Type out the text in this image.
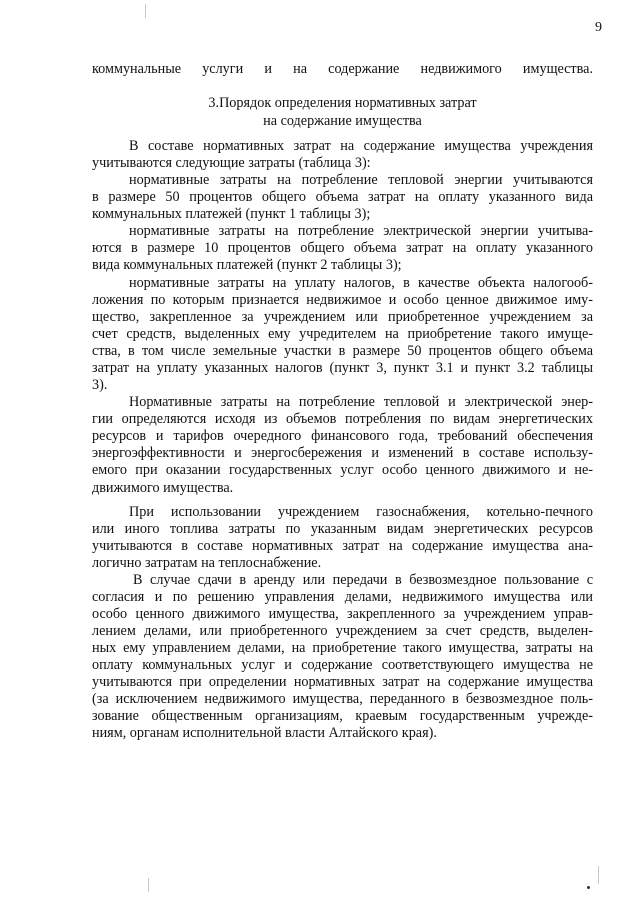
9
коммунальные услуги и на содержание недвижимого имущества.
3.Порядок определения нормативных затрат
на содержание имущества
В составе нормативных затрат на содержание имущества учреждения
учитываются следующие затраты (таблица 3):
нормативные затраты на потребление тепловой энергии учитываются
в размере 50 процентов общего объема затрат на оплату указанного вида
коммунальных платежей (пункт 1 таблицы 3);
нормативные затраты на потребление электрической энергии учитыва-
ются в размере 10 процентов общего объема затрат на оплату указанного
вида коммунальных платежей (пункт 2 таблицы 3);
нормативные затраты на уплату налогов, в качестве объекта налогооб-
ложения по которым признается недвижимое и особо ценное движимое иму-
щество, закрепленное за учреждением или приобретенное учреждением за
счет средств, выделенных ему учредителем на приобретение такого имуще-
ства, в том числе земельные участки в размере 50 процентов общего объема
затрат на уплату указанных налогов (пункт 3, пункт 3.1 и пункт 3.2 таблицы
3).
Нормативные затраты на потребление тепловой и электрической энер-
гии определяются исходя из объемов потребления по видам энергетических
ресурсов и тарифов очередного финансового года, требований обеспечения
энергоэффективности и энергосбережения и изменений в составе использу-
емого при оказании государственных услуг особо ценного движимого и не-
движимого имущества.
При использовании учреждением газоснабжения, котельно-печного
или иного топлива затраты по указанным видам энергетических ресурсов
учитываются в составе нормативных затрат на содержание имущества ана-
логично затратам на теплоснабжение.
В случае сдачи в аренду или передачи в безвозмездное пользование с
согласия и по решению управления делами, недвижимого имущества или
особо ценного движимого имущества, закрепленного за учреждением управ-
лением делами, или приобретенного учреждением за счет средств, выделен-
ных ему управлением делами, на приобретение такого имущества, затраты на
оплату коммунальных услуг и содержание соответствующего имущества не
учитываются при определении нормативных затрат на содержание имущества
(за исключением недвижимого имущества, переданного в безвозмездное поль-
зование общественным организациям, краевым государственным учрежде-
ниям, органам исполнительной власти Алтайского края).
